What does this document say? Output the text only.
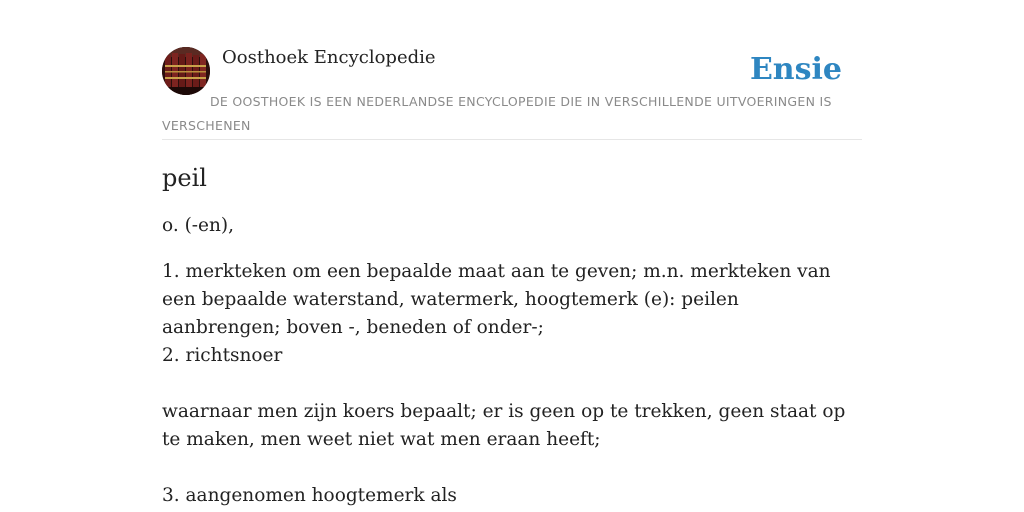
Oosthoek Encyclopedie	Ensie
DE OOSTHOEK IS EEN NEDERLANDSE ENCYCLOPEDIE DIE IN VERSCHILLENDE UITVOERINGEN IS VERSCHENEN
peil

o. (-en),

1. merkteken om een bepaalde maat aan te geven; m.n. merkteken van een bepaalde waterstand, watermerk, hoogtemerk (e): peilen aanbrengen; boven -, beneden of onder-;

2. richtsnoer

waarnaar men zijn koers bepaalt; er is geen op te trekken, geen staat op te maken, men weet niet wat men eraan heeft;

3. aangenomen hoogtemerk als
